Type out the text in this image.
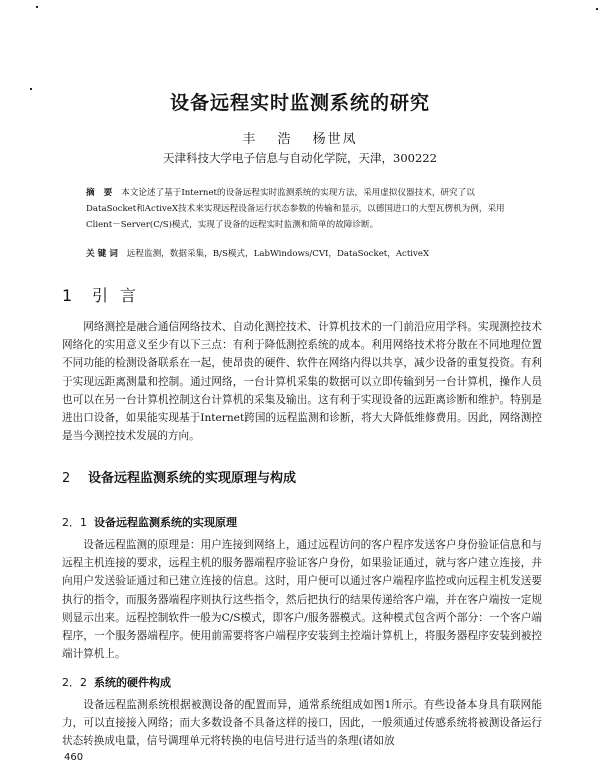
设备远程实时监测系统的研究
丰 浩 杨世凤
天津科技大学电子信息与自动化学院，天津，300222
摘 要 本文论述了基于Internet的设备远程实时监测系统的实现方法，采用虚拟仪器技术，研究了以DataSocket和ActiveX技术来实现远程设备运行状态参数的传输和显示，以德国进口的大型瓦楞机为例，采用Client－Server(C/S)模式，实现了设备的远程实时监测和简单的故障诊断。
关键词 远程监测，数据采集，B/S模式，LabWindows/CVI，DataSocket，ActiveX
1 引言

网络测控是融合通信网络技术、自动化测控技术、计算机技术的一门前沿应用学科。实现测控技术网络化的实用意义至少有以下三点：有利于降低测控系统的成本。利用网络技术将分散在不同地理位置不同功能的检测设备联系在一起，使昂贵的硬件、软件在网络内得以共享，减少设备的重复投资。有利于实现远距离测量和控制。通过网络，一台计算机采集的数据可以立即传输到另一台计算机，操作人员也可以在另一台计算机控制这台计算机的采集及输出。这有利于实现设备的远距离诊断和维护。特别是进出口设备，如果能实现基于Internet跨国的远程监测和诊断，将大大降低维修费用。因此，网络测控是当今测控技术发展的方向。

2 设备远程监测系统的实现原理与构成
2．1 设备远程监测系统的实现原理

设备远程监测的原理是：用户连接到网络上，通过远程访问的客户程序发送客户身份验证信息和与远程主机连接的要求，远程主机的服务器端程序验证客户身份，如果验证通过，就与客户建立连接，并向用户发送验证通过和已建立连接的信息。这时，用户便可以通过客户端程序监控或向远程主机发送要执行的指令，而服务器端程序则执行这些指令，然后把执行的结果传递给客户端，并在客户端按一定规则显示出来。远程控制软件一般为C/S模式，即客户/服务器模式。这种模式包含两个部分：一个客户端程序，一个服务器端程序。使用前需要将客户端程序安装到主控端计算机上，将服务器程序安装到被控端计算机上。

2．2 系统的硬件构成

设备远程监测系统根据被测设备的配置而异，通常系统组成如图1所示。有些设备本身具有联网能力，可以直接接入网络；而大多数设备不具备这样的接口，因此，一般须通过传感系统将被测设备运行状态转换成电量，信号调理单元将转换的电信号进行适当的条理(诸如放

460
